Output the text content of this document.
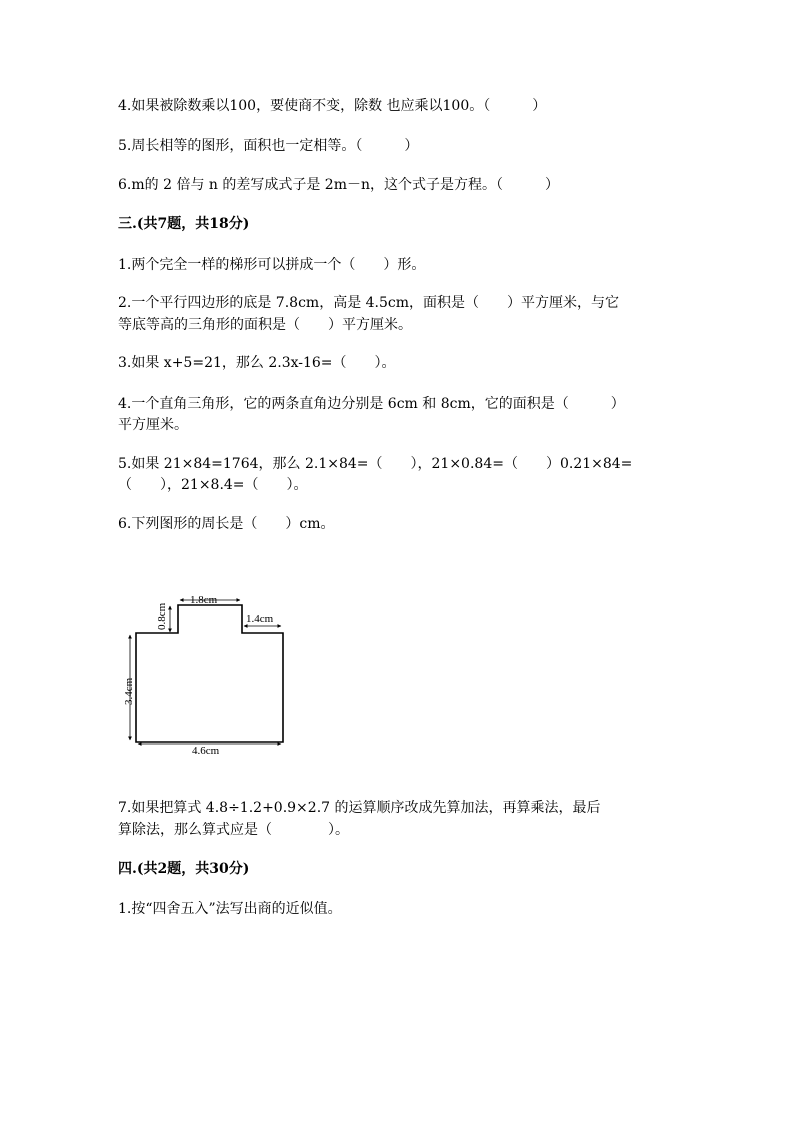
4.如果被除数乘以100，要使商不变，除数 也应乘以100。（　　　）
5.周长相等的图形，面积也一定相等。（　　　）
6.m的 2 倍与 n 的差写成式子是 2m－n，这个式子是方程。（　　　）
三.(共7题，共18分)
1.两个完全一样的梯形可以拼成一个（　　）形。
2.一个平行四边形的底是 7.8cm，高是 4.5cm，面积是（　　）平方厘米，与它
等底等高的三角形的面积是（　　）平方厘米。
3.如果 x+5=21，那么 2.3x-16=（　　）。
4.一个直角三角形，它的两条直角边分别是 6cm 和 8cm，它的面积是（　　　）
平方厘米。
5.如果 21×84=1764，那么 2.1×84=（　　），21×0.84=（　　）0.21×84=
（　　），21×8.4=（　　）。
6.下列图形的周长是（　　）cm。
1.8cm
0.8cm	1.4cm
3.4cm
4.6cm
7.如果把算式 4.8÷1.2+0.9×2.7 的运算顺序改成先算加法，再算乘法，最后
算除法，那么算式应是（　　　　）。
四.(共2题，共30分)
1.按“四舍五入”法写出商的近似值。
